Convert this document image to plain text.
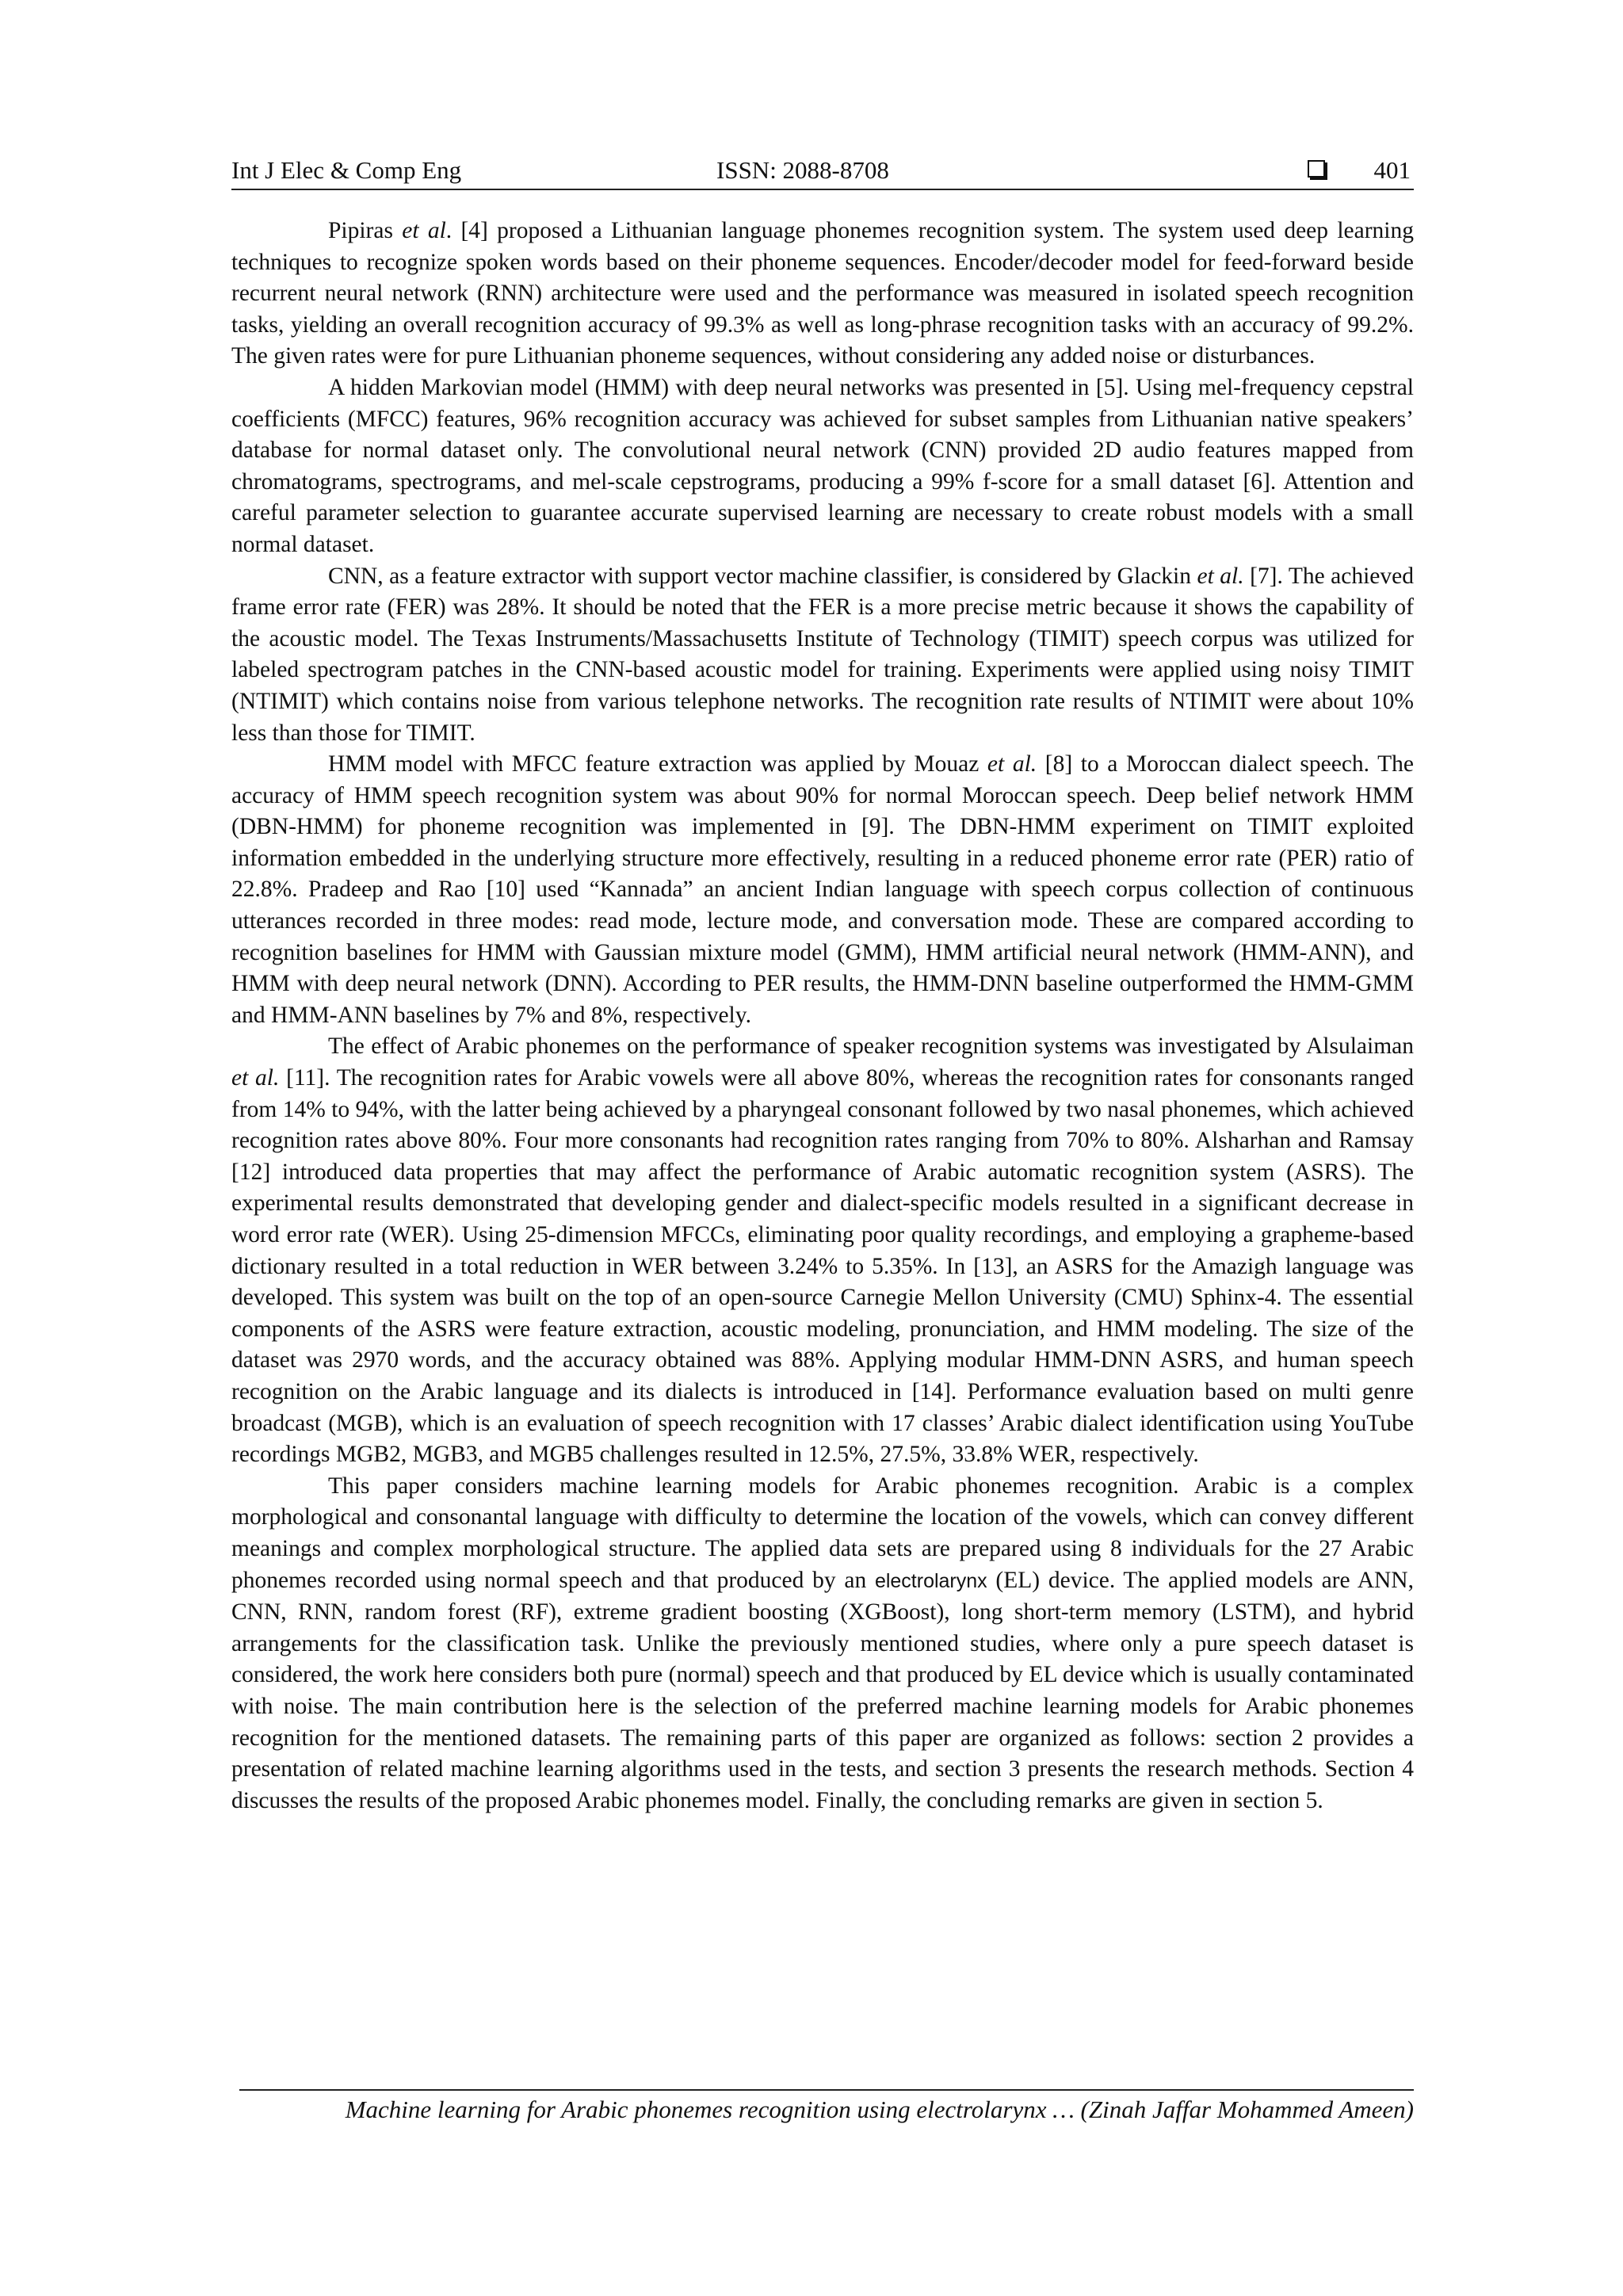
Int J Elec & Comp Eng	ISSN: 2088-8708	401

Pipiras et al. [4] proposed a Lithuanian language phonemes recognition system. The system used deep learning techniques to recognize spoken words based on their phoneme sequences. Encoder/decoder model for feed-forward beside recurrent neural network (RNN) architecture were used and the performance was measured in isolated speech recognition tasks, yielding an overall recognition accuracy of 99.3% as well as long-phrase recognition tasks with an accuracy of 99.2%. The given rates were for pure Lithuanian phoneme sequences, without considering any added noise or disturbances.

A hidden Markovian model (HMM) with deep neural networks was presented in [5]. Using mel-frequency cepstral coefficients (MFCC) features, 96% recognition accuracy was achieved for subset samples from Lithuanian native speakers’ database for normal dataset only. The convolutional neural network (CNN) provided 2D audio features mapped from chromatograms, spectrograms, and mel-scale cepstrograms, producing a 99% f-score for a small dataset [6]. Attention and careful parameter selection to guarantee accurate supervised learning are necessary to create robust models with a small normal dataset.

CNN, as a feature extractor with support vector machine classifier, is considered by Glackin et al. [7]. The achieved frame error rate (FER) was 28%. It should be noted that the FER is a more precise metric because it shows the capability of the acoustic model. The Texas Instruments/Massachusetts Institute of Technology (TIMIT) speech corpus was utilized for labeled spectrogram patches in the CNN-based acoustic model for training. Experiments were applied using noisy TIMIT (NTIMIT) which contains noise from various telephone networks. The recognition rate results of NTIMIT were about 10% less than those for TIMIT.

HMM model with MFCC feature extraction was applied by Mouaz et al. [8] to a Moroccan dialect speech. The accuracy of HMM speech recognition system was about 90% for normal Moroccan speech. Deep belief network HMM (DBN-HMM) for phoneme recognition was implemented in [9]. The DBN-HMM experiment on TIMIT exploited information embedded in the underlying structure more effectively, resulting in a reduced phoneme error rate (PER) ratio of 22.8%. Pradeep and Rao [10] used “Kannada” an ancient Indian language with speech corpus collection of continuous utterances recorded in three modes: read mode, lecture mode, and conversation mode. These are compared according to recognition baselines for HMM with Gaussian mixture model (GMM), HMM artificial neural network (HMM-ANN), and HMM with deep neural network (DNN). According to PER results, the HMM-DNN baseline outperformed the HMM-GMM and HMM-ANN baselines by 7% and 8%, respectively.

The effect of Arabic phonemes on the performance of speaker recognition systems was investigated by Alsulaiman et al. [11]. The recognition rates for Arabic vowels were all above 80%, whereas the recognition rates for consonants ranged from 14% to 94%, with the latter being achieved by a pharyngeal consonant followed by two nasal phonemes, which achieved recognition rates above 80%. Four more consonants had recognition rates ranging from 70% to 80%. Alsharhan and Ramsay [12] introduced data properties that may affect the performance of Arabic automatic recognition system (ASRS). The experimental results demonstrated that developing gender and dialect-specific models resulted in a significant decrease in word error rate (WER). Using 25-dimension MFCCs, eliminating poor quality recordings, and employing a grapheme-based dictionary resulted in a total reduction in WER between 3.24% to 5.35%. In [13], an ASRS for the Amazigh language was developed. This system was built on the top of an open-source Carnegie Mellon University (CMU) Sphinx-4. The essential components of the ASRS were feature extraction, acoustic modeling, pronunciation, and HMM modeling. The size of the dataset was 2970 words, and the accuracy obtained was 88%. Applying modular HMM-DNN ASRS, and human speech recognition on the Arabic language and its dialects is introduced in [14]. Performance evaluation based on multi genre broadcast (MGB), which is an evaluation of speech recognition with 17 classes’ Arabic dialect identification using YouTube recordings MGB2, MGB3, and MGB5 challenges resulted in 12.5%, 27.5%, 33.8% WER, respectively.

This paper considers machine learning models for Arabic phonemes recognition. Arabic is a complex morphological and consonantal language with difficulty to determine the location of the vowels, which can convey different meanings and complex morphological structure. The applied data sets are prepared using 8 individuals for the 27 Arabic phonemes recorded using normal speech and that produced by an electrolarynx (EL) device. The applied models are ANN, CNN, RNN, random forest (RF), extreme gradient boosting (XGBoost), long short-term memory (LSTM), and hybrid arrangements for the classification task. Unlike the previously mentioned studies, where only a pure speech dataset is considered, the work here considers both pure (normal) speech and that produced by EL device which is usually contaminated with noise. The main contribution here is the selection of the preferred machine learning models for Arabic phonemes recognition for the mentioned datasets. The remaining parts of this paper are organized as follows: section 2 provides a presentation of related machine learning algorithms used in the tests, and section 3 presents the research methods. Section 4 discusses the results of the proposed Arabic phonemes model. Finally, the concluding remarks are given in section 5.

Machine learning for Arabic phonemes recognition using electrolarynx … (Zinah Jaffar Mohammed Ameen)
